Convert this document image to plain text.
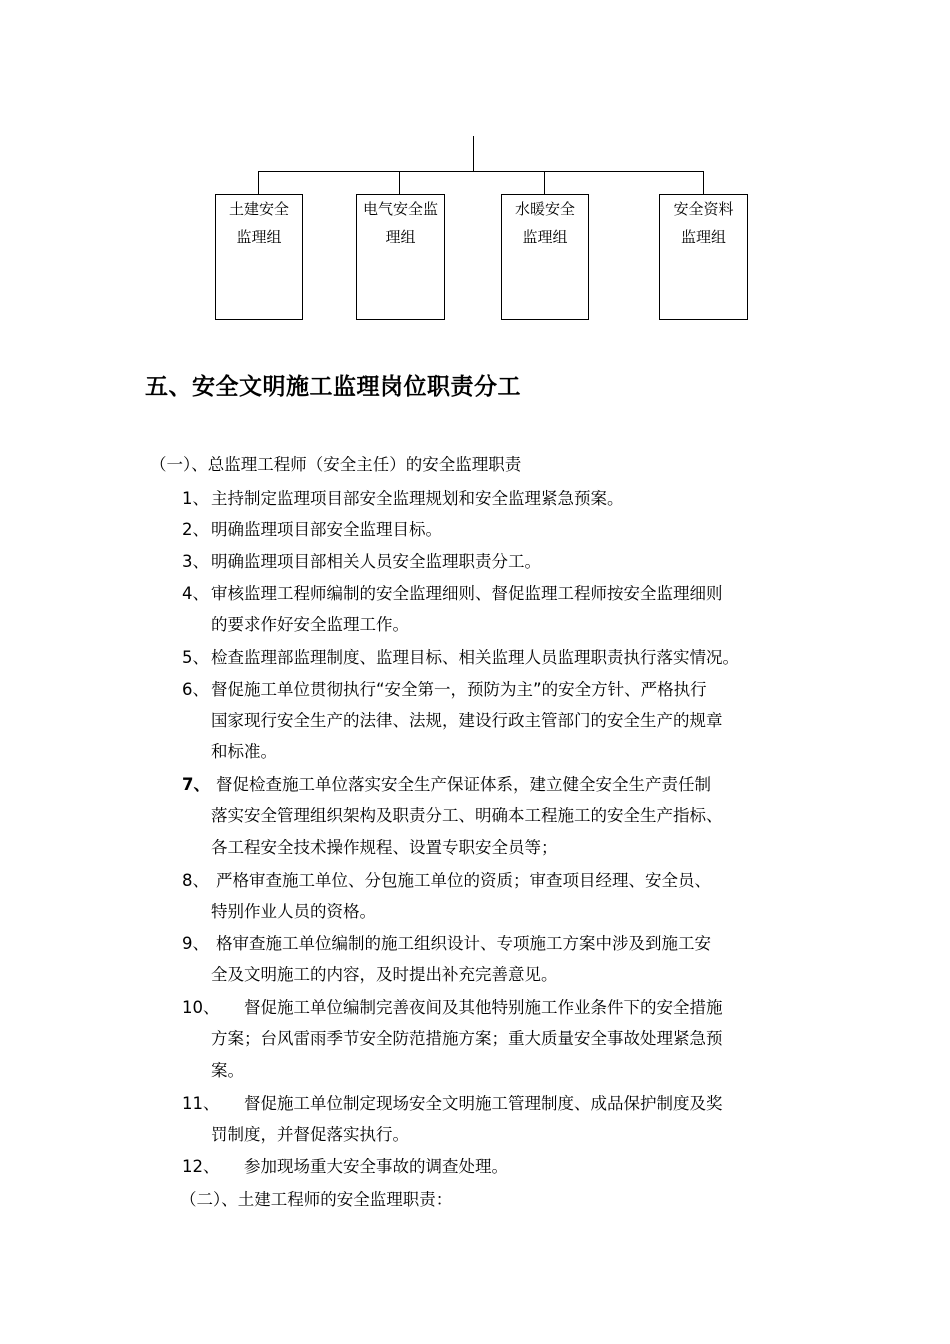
土建安全
监理组
电气安全监
理组
水暖安全
监理组
安全资料
监理组
五、安全文明施工监理岗位职责分工
（一）、总监理工程师（安全主任）的安全监理职责
1、 主持制定监理项目部安全监理规划和安全监理紧急预案。
2、 明确监理项目部安全监理目标。
3、 明确监理项目部相关人员安全监理职责分工。
4、 审核监理工程师编制的安全监理细则、督促监理工程师按安全监理细则
的要求作好安全监理工作。
5、 检查监理部监理制度、监理目标、相关监理人员监理职责执行落实情况。
6、 督促施工单位贯彻执行“安全第一，预防为主”的安全方针、严格执行
国家现行安全生产的法律、法规，建设行政主管部门的安全生产的规章
和标准。
7、 督促检查施工单位落实安全生产保证体系，建立健全安全生产责任制
落实安全管理组织架构及职责分工、明确本工程施工的安全生产指标、
各工程安全技术操作规程、设置专职安全员等；
8、 严格审查施工单位、分包施工单位的资质；审查项目经理、安全员、
特别作业人员的资格。
9、 格审查施工单位编制的施工组织设计、专项施工方案中涉及到施工安
全及文明施工的内容，及时提出补充完善意见。
10、 督促施工单位编制完善夜间及其他特别施工作业条件下的安全措施
方案；台风雷雨季节安全防范措施方案；重大质量安全事故处理紧急预
案。
11、 督促施工单位制定现场安全文明施工管理制度、成品保护制度及奖
罚制度，并督促落实执行。
12、 参加现场重大安全事故的调查处理。
（二）、土建工程师的安全监理职责：
